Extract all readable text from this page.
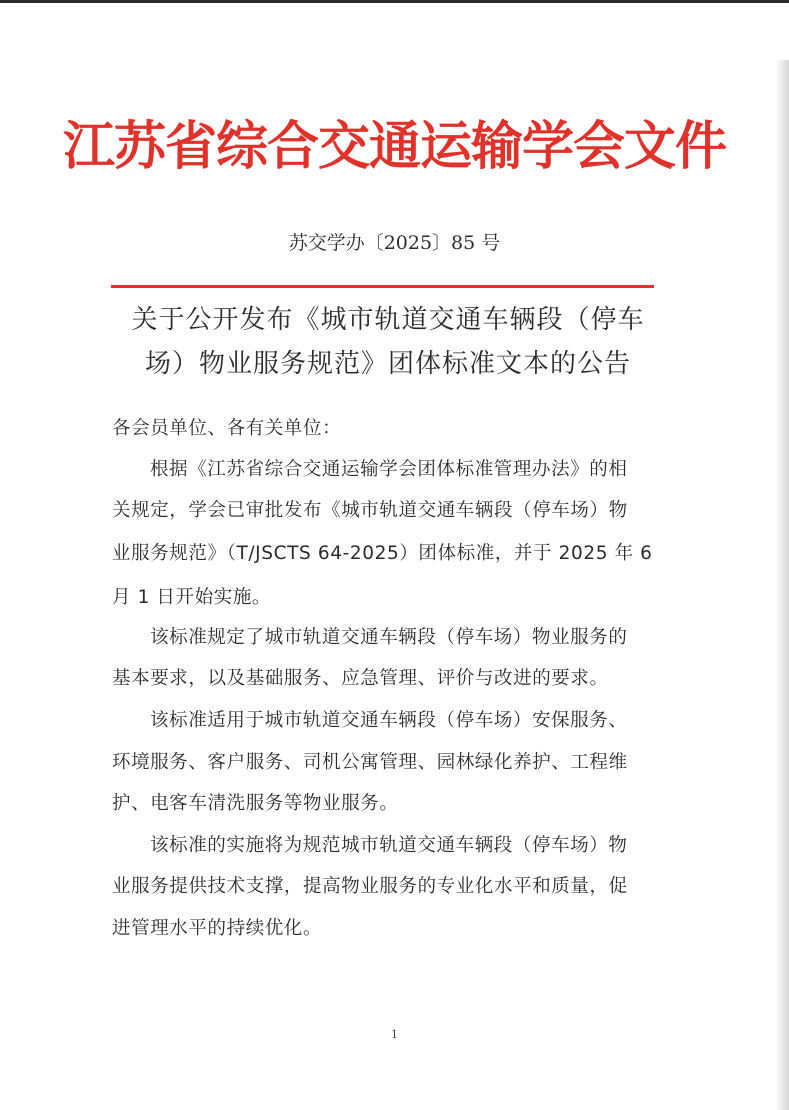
江苏省综合交通运输学会文件
苏交学办〔2025〕85 号
关于公开发布《城市轨道交通车辆段（停车
场）物业服务规范》团体标准文本的公告
各会员单位、各有关单位：
根据《江苏省综合交通运输学会团体标准管理办法》的相
关规定，学会已审批发布《城市轨道交通车辆段（停车场）物
业服务规范》（T/JSCTS 64-2025）团体标准，并于 2025 年 6
月 1 日开始实施。
该标准规定了城市轨道交通车辆段（停车场）物业服务的
基本要求，以及基础服务、应急管理、评价与改进的要求。
该标准适用于城市轨道交通车辆段（停车场）安保服务、
环境服务、客户服务、司机公寓管理、园林绿化养护、工程维
护、电客车清洗服务等物业服务。
该标准的实施将为规范城市轨道交通车辆段（停车场）物
业服务提供技术支撑，提高物业服务的专业化水平和质量，促
进管理水平的持续优化。
1
